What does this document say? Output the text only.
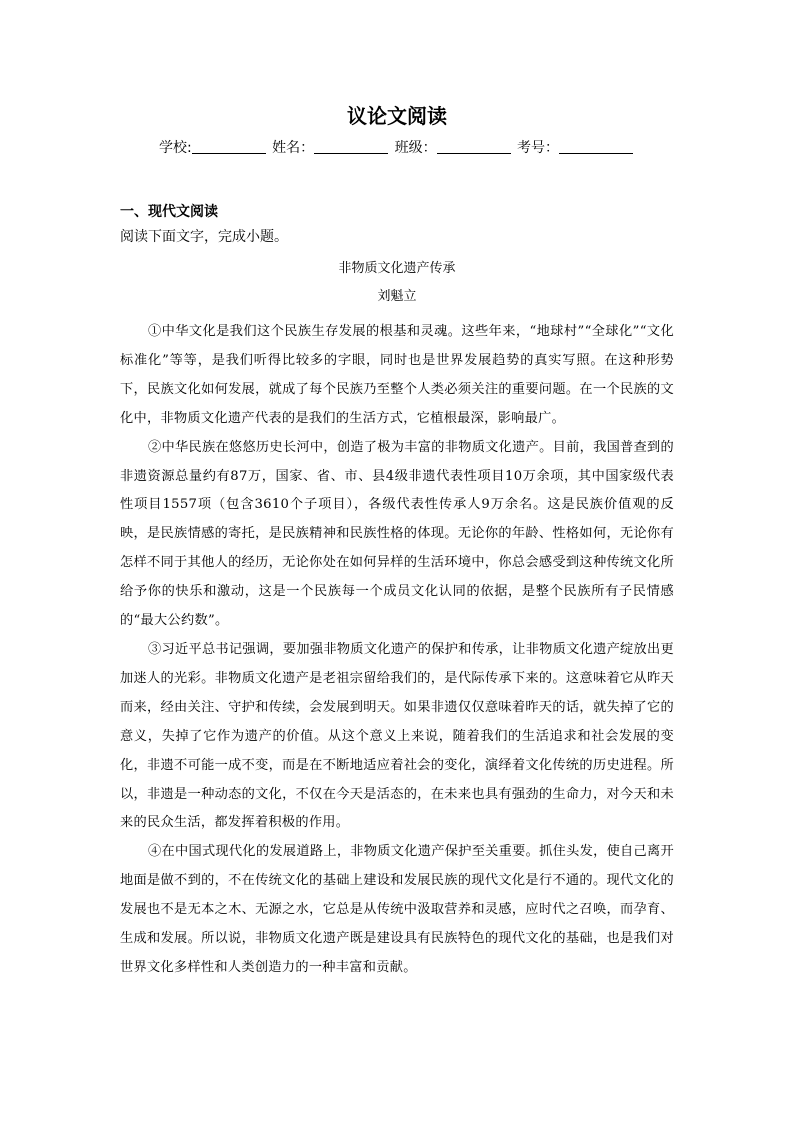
议论文阅读
学校:	姓名：	班级：	考号：
一、现代文阅读
阅读下面文字，完成小题。
非物质文化遗产传承
刘魁立

①中华文化是我们这个民族生存发展的根基和灵魂。这些年来，“地球村”“全球化”“文化标准化”等等，是我们听得比较多的字眼，同时也是世界发展趋势的真实写照。在这种形势下，民族文化如何发展，就成了每个民族乃至整个人类必须关注的重要问题。在一个民族的文化中，非物质文化遗产代表的是我们的生活方式，它植根最深，影响最广。

②中华民族在悠悠历史长河中，创造了极为丰富的非物质文化遗产。目前，我国普查到的非遗资源总量约有87万，国家、省、市、县4级非遗代表性项目10万余项，其中国家级代表性项目1557项（包含3610个子项目），各级代表性传承人9万余名。这是民族价值观的反映，是民族情感的寄托，是民族精神和民族性格的体现。无论你的年龄、性格如何，无论你有怎样不同于其他人的经历，无论你处在如何异样的生活环境中，你总会感受到这种传统文化所给予你的快乐和激动，这是一个民族每一个成员文化认同的依据，是整个民族所有子民情感的“最大公约数”。

③习近平总书记强调，要加强非物质文化遗产的保护和传承，让非物质文化遗产绽放出更加迷人的光彩。非物质文化遗产是老祖宗留给我们的，是代际传承下来的。这意味着它从昨天而来，经由关注、守护和传续，会发展到明天。如果非遗仅仅意味着昨天的话，就失掉了它的意义，失掉了它作为遗产的价值。从这个意义上来说，随着我们的生活追求和社会发展的变化，非遗不可能一成不变，而是在不断地适应着社会的变化，演绎着文化传统的历史进程。所以，非遗是一种动态的文化，不仅在今天是活态的，在未来也具有强劲的生命力，对今天和未来的民众生活，都发挥着积极的作用。

④在中国式现代化的发展道路上，非物质文化遗产保护至关重要。抓住头发，使自己离开地面是做不到的，不在传统文化的基础上建设和发展民族的现代文化是行不通的。现代文化的发展也不是无本之木、无源之水，它总是从传统中汲取营养和灵感，应时代之召唤，而孕育、生成和发展。所以说，非物质文化遗产既是建设具有民族特色的现代文化的基础，也是我们对世界文化多样性和人类创造力的一种丰富和贡献。
